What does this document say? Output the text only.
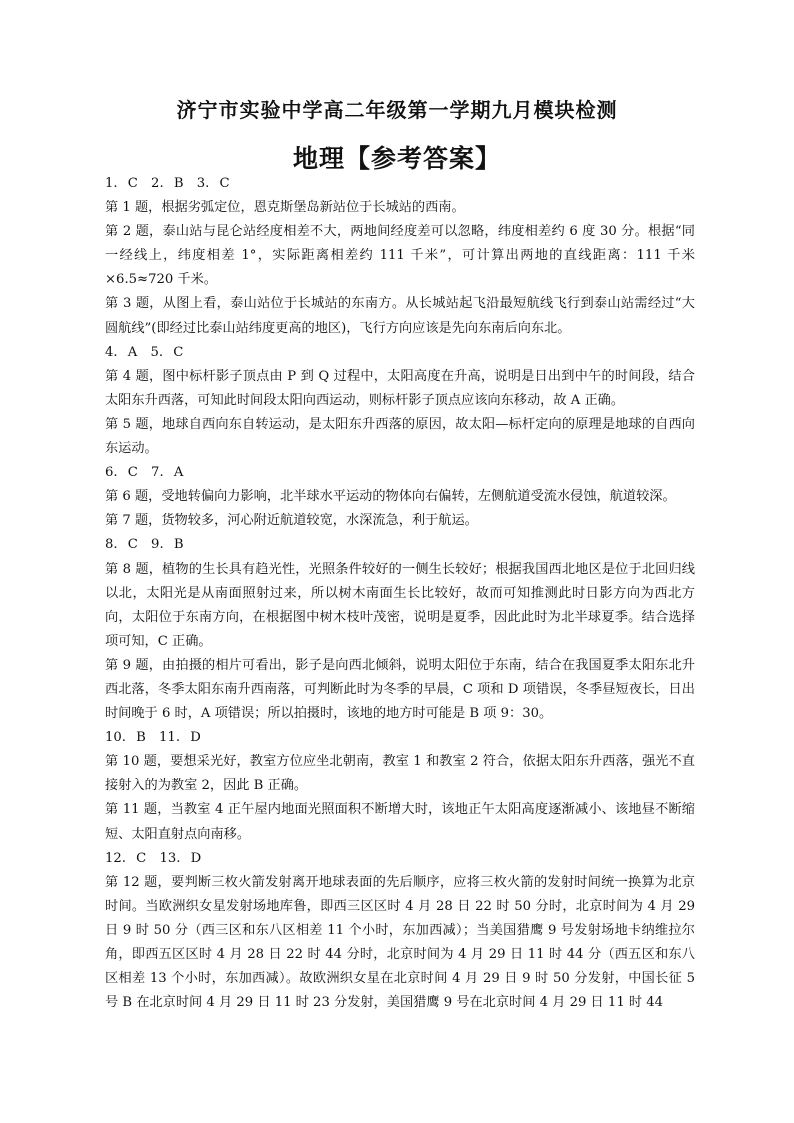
济宁市实验中学高二年级第一学期九月模块检测
地理【参考答案】

1. C　2. B　3. C

第 1 题，根据劣弧定位，恩克斯堡岛新站位于长城站的西南。

第 2 题，泰山站与昆仑站经度相差不大，两地间经度差可以忽略，纬度相差约 6 度 30 分。根据“同一经线上，纬度相差 1°，实际距离相差约 111 千米”，可计算出两地的直线距离：111 千米×6.5≈720 千米。

第 3 题，从图上看，泰山站位于长城站的东南方。从长城站起飞沿最短航线飞行到泰山站需经过“大圆航线”(即经过比泰山站纬度更高的地区)，飞行方向应该是先向东南后向东北。

4. A　5. C

第 4 题，图中标杆影子顶点由 P 到 Q 过程中，太阳高度在升高，说明是日出到中午的时间段，结合太阳东升西落，可知此时间段太阳向西运动，则标杆影子顶点应该向东移动，故 A 正确。

第 5 题，地球自西向东自转运动，是太阳东升西落的原因，故太阳—标杆定向的原理是地球的自西向东运动。

6. C　7. A

第 6 题，受地转偏向力影响，北半球水平运动的物体向右偏转，左侧航道受流水侵蚀，航道较深。

第 7 题，货物较多，河心附近航道较宽，水深流急，利于航运。

8. C　9. B

第 8 题，植物的生长具有趋光性，光照条件较好的一侧生长较好；根据我国西北地区是位于北回归线以北，太阳光是从南面照射过来，所以树木南面生长比较好，故而可知推测此时日影方向为西北方向，太阳位于东南方向，在根据图中树木枝叶茂密，说明是夏季，因此此时为北半球夏季。结合选择项可知，C 正确。

第 9 题，由拍摄的相片可看出，影子是向西北倾斜，说明太阳位于东南，结合在我国夏季太阳东北升西北落，冬季太阳东南升西南落，可判断此时为冬季的早晨，C 项和 D 项错误，冬季昼短夜长，日出时间晚于 6 时，A 项错误；所以拍摄时，该地的地方时可能是 B 项 9：30。

10. B　11. D

第 10 题，要想采光好，教室方位应坐北朝南，教室 1 和教室 2 符合，依据太阳东升西落，强光不直接射入的为教室 2，因此 B 正确。

第 11 题，当教室 4 正午屋内地面光照面积不断增大时，该地正午太阳高度逐渐减小、该地昼不断缩短、太阳直射点向南移。

12. C　13. D

第 12 题，要判断三枚火箭发射离开地球表面的先后顺序，应将三枚火箭的发射时间统一换算为北京时间。当欧洲织女星发射场地库鲁，即西三区区时 4 月 28 日 22 时 50 分时，北京时间为 4 月 29 日 9 时 50 分（西三区和东八区相差 11 个小时，东加西减）；当美国猎鹰 9 号发射场地卡纳维拉尔角，即西五区区时 4 月 28 日 22 时 44 分时，北京时间为 4 月 29 日 11 时 44 分（西五区和东八区相差 13 个小时，东加西减）。故欧洲织女星在北京时间 4 月 29 日 9 时 50 分发射，中国长征 5 号 B 在北京时间 4 月 29 日 11 时 23 分发射，美国猎鹰 9 号在北京时间 4 月 29 日 11 时 44
